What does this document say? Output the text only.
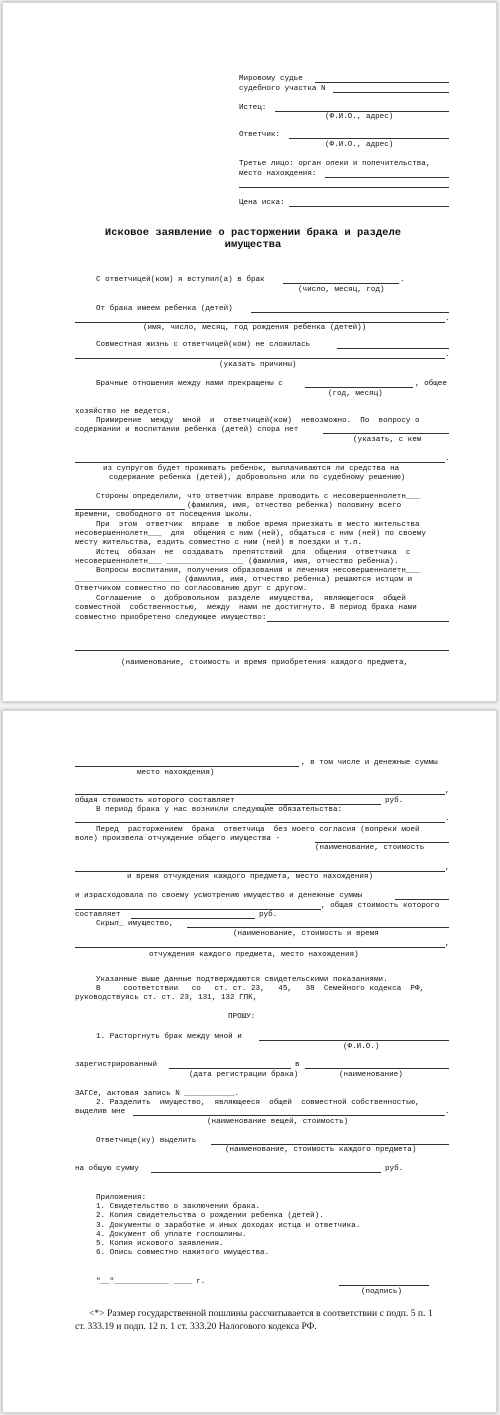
Мировому судье
судебного участка N
Истец:
(Ф.И.О., адрес)
Ответчик:
(Ф.И.О., адрес)
Третье лицо: орган опеки и попечительства,
место нахождения:
Цена иска:
Исковое заявление о расторжении брака и разделе
имущества
С ответчицей(ком) я вступил(а) в брак	.
(число, месяц, год)
От брака имеем ребенка (детей)
.
(имя, число, месяц, год рождения ребенка (детей))
Совместная жизнь с ответчицей(ком) не сложилась
.
(указать причины)
Брачные отношения между нами прекращены с	, общее
(год, месяц)
хозяйство не ведется.
Примирение  между  мной  и  ответчицей(ком)  невозможно.  По  вопросу о
содержании и воспитании ребенка (детей) спора нет
(указать, с кем
.
из супругов будет проживать ребенок, выплачиваются ли средства на
содержание ребенка (детей), добровольно или по судебному решению)
Стороны определили, что ответчик вправе проводить с несовершеннолетн___
(фамилия, имя, отчество ребенка) половину всего
времени, свободного от посещения школы.
При  этом  ответчик  вправе  в любое время приезжать в место жительства
несовершеннолетн___  для  общения с ним (ней), общаться с ним (ней) по своему
месту жительства, ездить совместно с ним (ней) в поездки и т.п.
Истец  обязан  не  создавать  препятствий  для  общения  ответчика  с
несовершеннолетн___ _________________ (фамилия, имя, отчество ребенка).
Вопросы воспитания, получения образования и лечения несовершеннолетн___
_______________________ (фамилия, имя, отчество ребенка) решаются истцом и
Ответчиком совместно по согласованию друг с другом.
Соглашение  о  добровольном  разделе  имущества,  являющегося  общей
совместной  собственностью,  между  нами не достигнуто. В период брака нами
совместно приобретено следующее имущество:
(наименование, стоимость и время приобретения каждого предмета,
, в том числе и денежные суммы
место нахождения)
,
общая стоимость которого составляет	руб.
В период брака у нас возникли следующие обязательства:
.
Перед  расторжением  брака  ответчица  без моего согласия (вопреки моей
воле) произвела отчуждение общего имущества -
(наименование, стоимость
,
и время отчуждения каждого предмета, место нахождения)
и израсходовала по своему усмотрению имущество и денежные суммы
, общая стоимость которого
составляет	руб.
Скрыл_ имущество,
(наименование, стоимость и время
,
отчуждения каждого предмета, место нахождения)
Указанные выше данные подтверждаются свидетельскими показаниями.
В     соответствии   со   ст. ст. 23,   45,   38  Семейного кодекса  РФ,
руководствуясь ст. ст. 23, 131, 132 ГПК,
ПРОШУ:
1. Расторгнуть брак между мной и
(Ф.И.О.)
зарегистрированный	в
(дата регистрации брака)	(наименование)
ЗАГСе, актовая запись N ___________.
2. Разделить  имущество,  являющееся  общей  совместной собственностью,
выделив мне	.
(наименование вещей, стоимость)
Ответчице(ку) выделить
(наименование, стоимость каждого предмета)
на общую сумму	руб.
Приложения:
1. Свидетельство о заключении брака.
2. Копия свидетельства о рождении ребенка (детей).
3. Документы о заработке и иных доходах истца и ответчика.
4. Документ об уплате госпошлины.
5. Копия искового заявления.
6. Опись совместно нажитого имущества.
"__"____________ ____ г.
(подпись)
<*> Размер государственной пошлины рассчитывается в соответствии с подп. 5 п. 1
ст. 333.19 и подп. 12 п. 1 ст. 333.20 Налогового кодекса РФ.
